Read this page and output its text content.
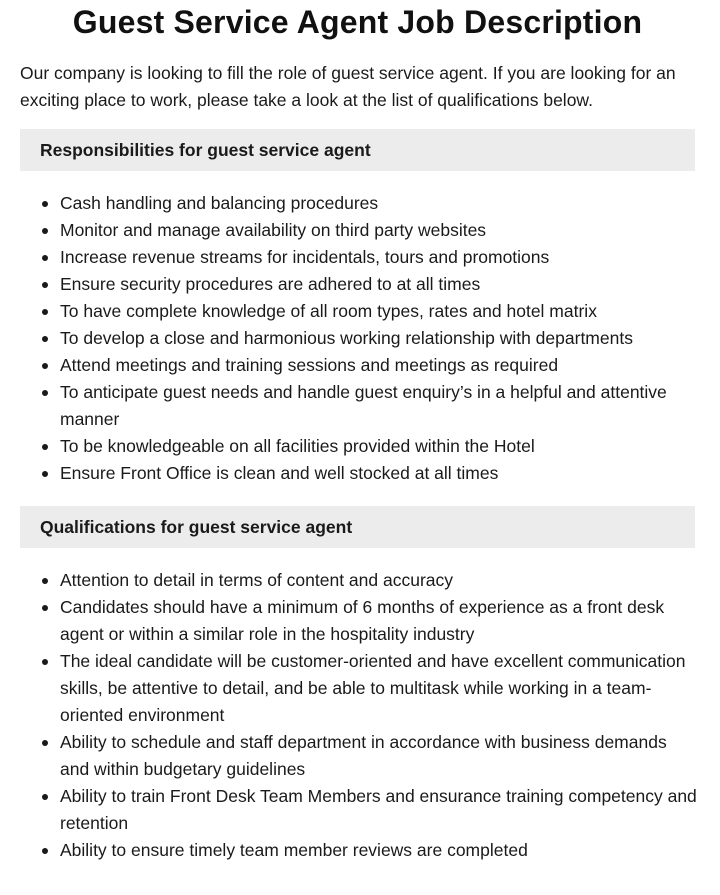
Guest Service Agent Job Description

Our company is looking to fill the role of guest service agent. If you are looking for an exciting place to work, please take a look at the list of qualifications below.

Responsibilities for guest service agent
Cash handling and balancing procedures
Monitor and manage availability on third party websites
Increase revenue streams for incidentals, tours and promotions
Ensure security procedures are adhered to at all times
To have complete knowledge of all room types, rates and hotel matrix
To develop a close and harmonious working relationship with departments
Attend meetings and training sessions and meetings as required
To anticipate guest needs and handle guest enquiry’s in a helpful and attentive manner
To be knowledgeable on all facilities provided within the Hotel
Ensure Front Office is clean and well stocked at all times
Qualifications for guest service agent
Attention to detail in terms of content and accuracy
Candidates should have a minimum of 6 months of experience as a front desk agent or within a similar role in the hospitality industry
The ideal candidate will be customer-oriented and have excellent communication skills, be attentive to detail, and be able to multitask while working in a team-oriented environment
Ability to schedule and staff department in accordance with business demands and within budgetary guidelines
Ability to train Front Desk Team Members and ensurance training competency and retention
Ability to ensure timely team member reviews are completed
